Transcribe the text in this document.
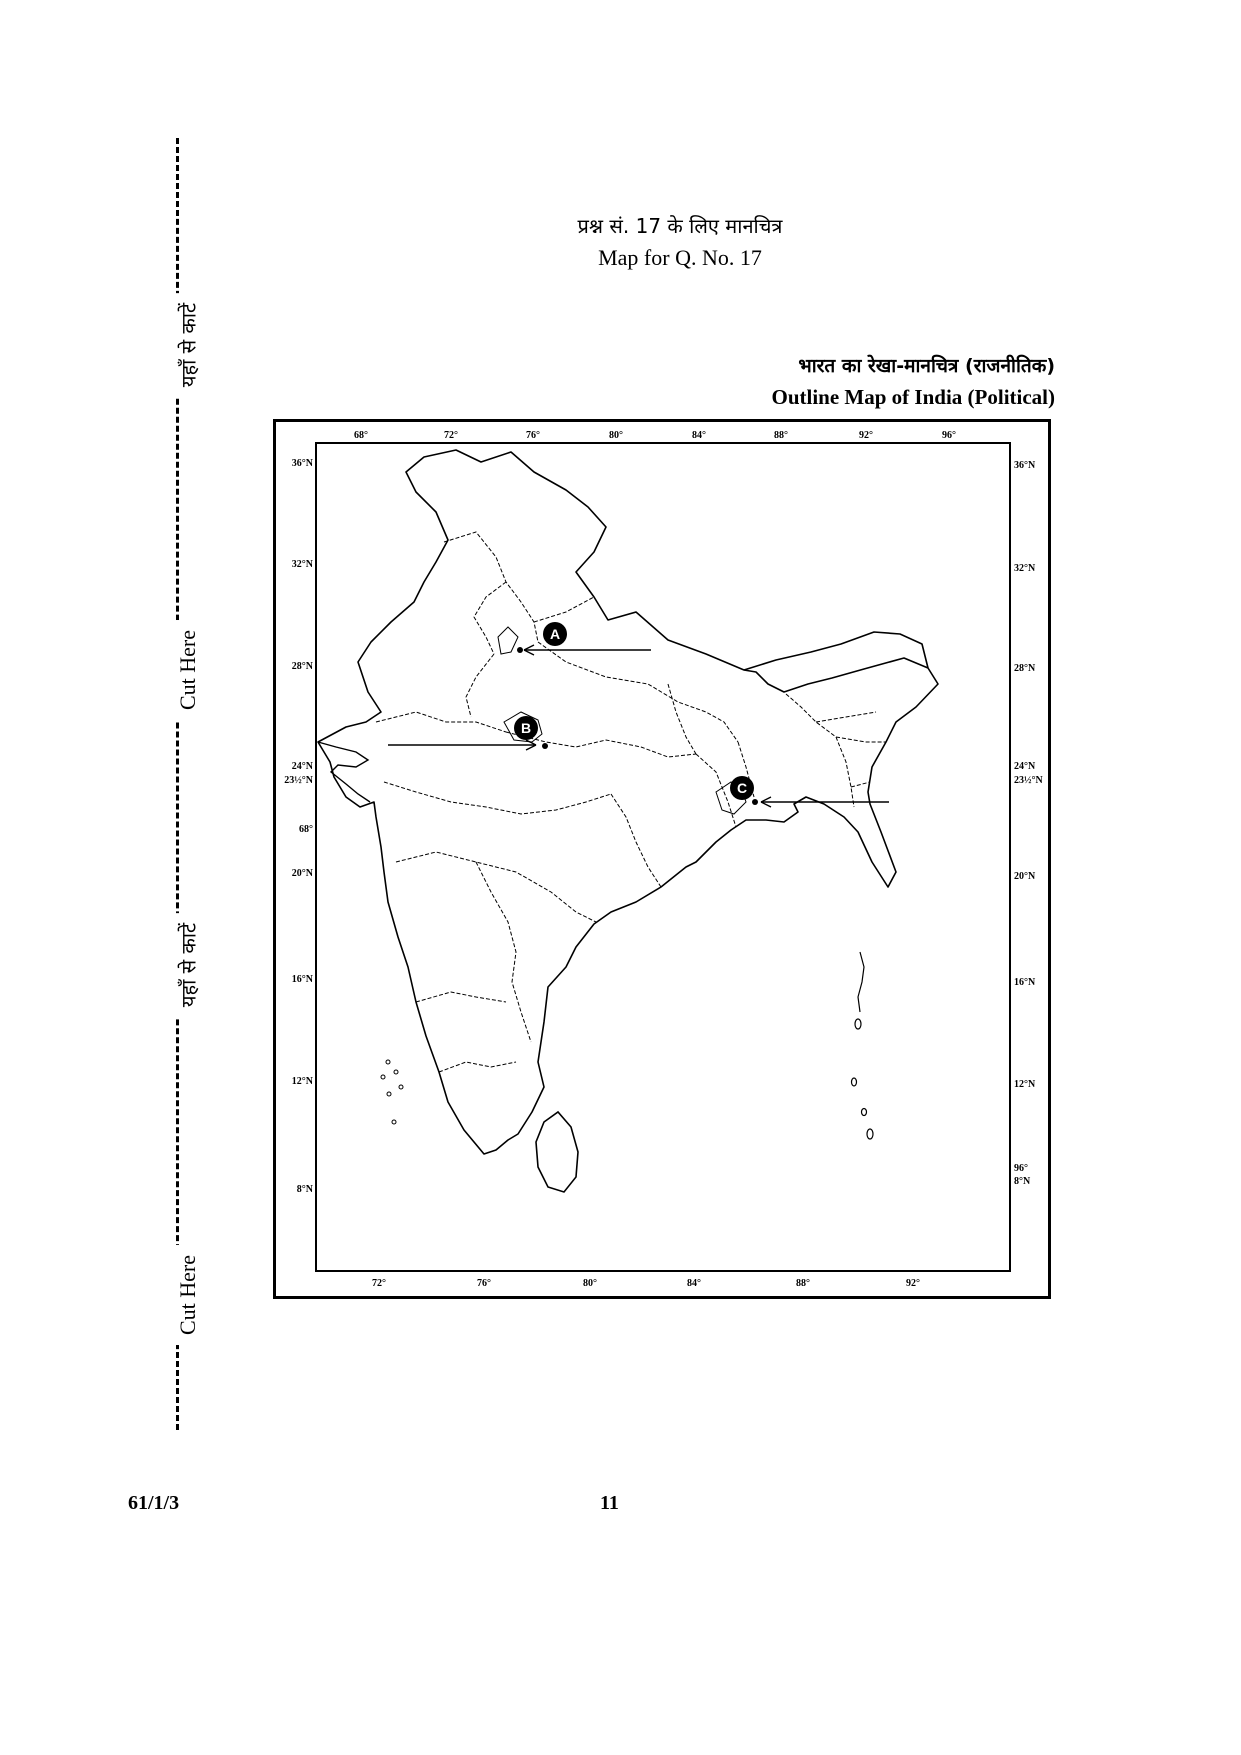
यहाँ से काटें
Cut Here
यहाँ से काटें
Cut Here
प्रश्न सं. 17 के लिए मानचित्र
Map for Q. No. 17
भारत का रेखा-मानचित्र (राजनीतिक)
Outline Map of India (Political)
68°	72°	76°	80°	84°	88°	92°	96°
72°	76°	80°	84°	88°	92°
36°N
32°N
28°N
24°N
23½°N
68°
20°N
16°N
12°N
8°N
36°N
32°N
28°N
24°N
23½°N
20°N
16°N
12°N
96°
8°N
A
B
C
61/1/3	11
